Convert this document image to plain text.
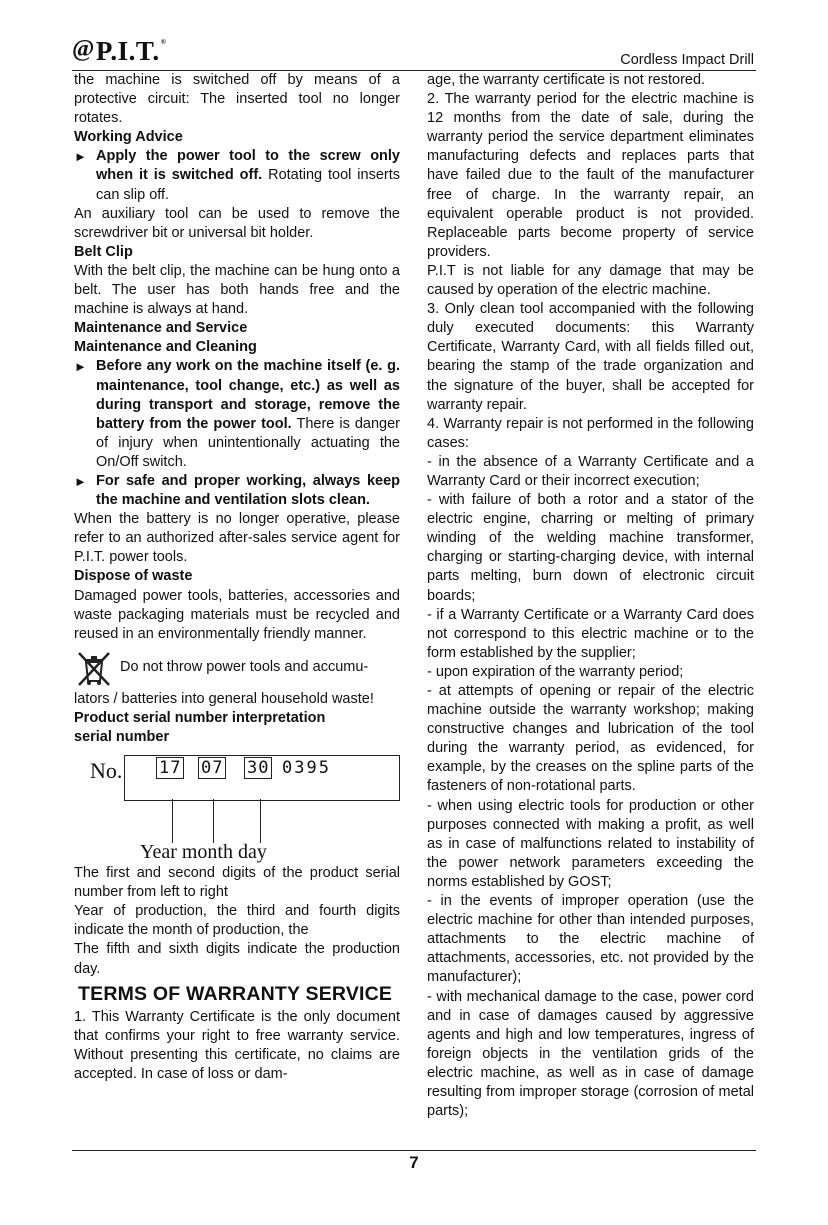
@ P.I.T. ®
Cordless Impact Drill

the machine is switched off by means of a protective circuit: The inserted tool no longer rotates.

Working Advice

► Apply the power tool to the screw only when it is switched off. Rotating tool inserts can slip off.

An auxiliary tool can be used to remove the screwdriver bit or universal bit holder.

Belt Clip

With the belt clip, the machine can be hung onto a belt. The user has both hands free and the machine is always at hand.

Maintenance and Service

Maintenance and Cleaning

► Before any work on the machine itself (e. g. maintenance, tool change, etc.) as well as during transport and storage, remove the battery from the power tool. There is danger of injury when unintentionally actuating the On/Off switch.
► For safe and proper working, always keep the machine and ventilation slots clean.

When the battery is no longer operative, please refer to an authorized after-sales service agent for P.I.T. power tools.

Dispose of waste

Damaged power tools, batteries, accessories and waste packaging materials must be recycled and reused in an environmentally friendly manner.

Do not throw power tools and accumu-

lators / batteries into general household waste!

Product serial number interpretation

serial number

No. 17 07 30 0395
Year month day

The first and second digits of the product serial number from left to right

Year of production, the third and fourth digits indicate the month of production, the

The fifth and sixth digits indicate the production day.

TERMS OF WARRANTY SERVICE

1. This Warranty Certificate is the only document that confirms your right to free warranty service. Without presenting this certificate, no claims are accepted. In case of loss or dam-

age, the warranty certificate is not restored.

2. The warranty period for the electric machine is 12 months from the date of sale, during the warranty period the service department eliminates manufacturing defects and replaces parts that have failed due to the fault of the manufacturer free of charge. In the warranty repair, an equivalent operable product is not provided. Replaceable parts become property of service providers.

P.I.T is not liable for any damage that may be caused by operation of the electric machine.

3. Only clean tool accompanied with the following duly executed documents: this Warranty Certificate, Warranty Card, with all fields filled out, bearing the stamp of the trade organization and the signature of the buyer, shall be accepted for warranty repair.

4. Warranty repair is not performed in the following cases:

- in the absence of a Warranty Certificate and a Warranty Card or their incorrect execution;

- with failure of both a rotor and a stator of the electric engine, charring or melting of primary winding of the welding machine transformer, charging or starting-charging device, with internal parts melting, burn down of electronic circuit boards;

- if a Warranty Certificate or a Warranty Card does not correspond to this electric machine or to the form established by the supplier;

- upon expiration of the warranty period;

- at attempts of opening or repair of the electric machine outside the warranty workshop; making constructive changes and lubrication of the tool during the warranty period, as evidenced, for example, by the creases on the spline parts of the fasteners of non-rotational parts.

- when using electric tools for production or other purposes connected with making a profit, as well as in case of malfunctions related to instability of the power network parameters exceeding the norms established by GOST;

- in the events of improper operation (use the electric machine for other than intended purposes, attachments to the electric machine of attachments, accessories, etc. not provided by the manufacturer);

- with mechanical damage to the case, power cord and in case of damages caused by aggressive agents and high and low temperatures, ingress of foreign objects in the ventilation grids of the electric machine, as well as in case of damage resulting from improper storage (corrosion of metal parts);

7
